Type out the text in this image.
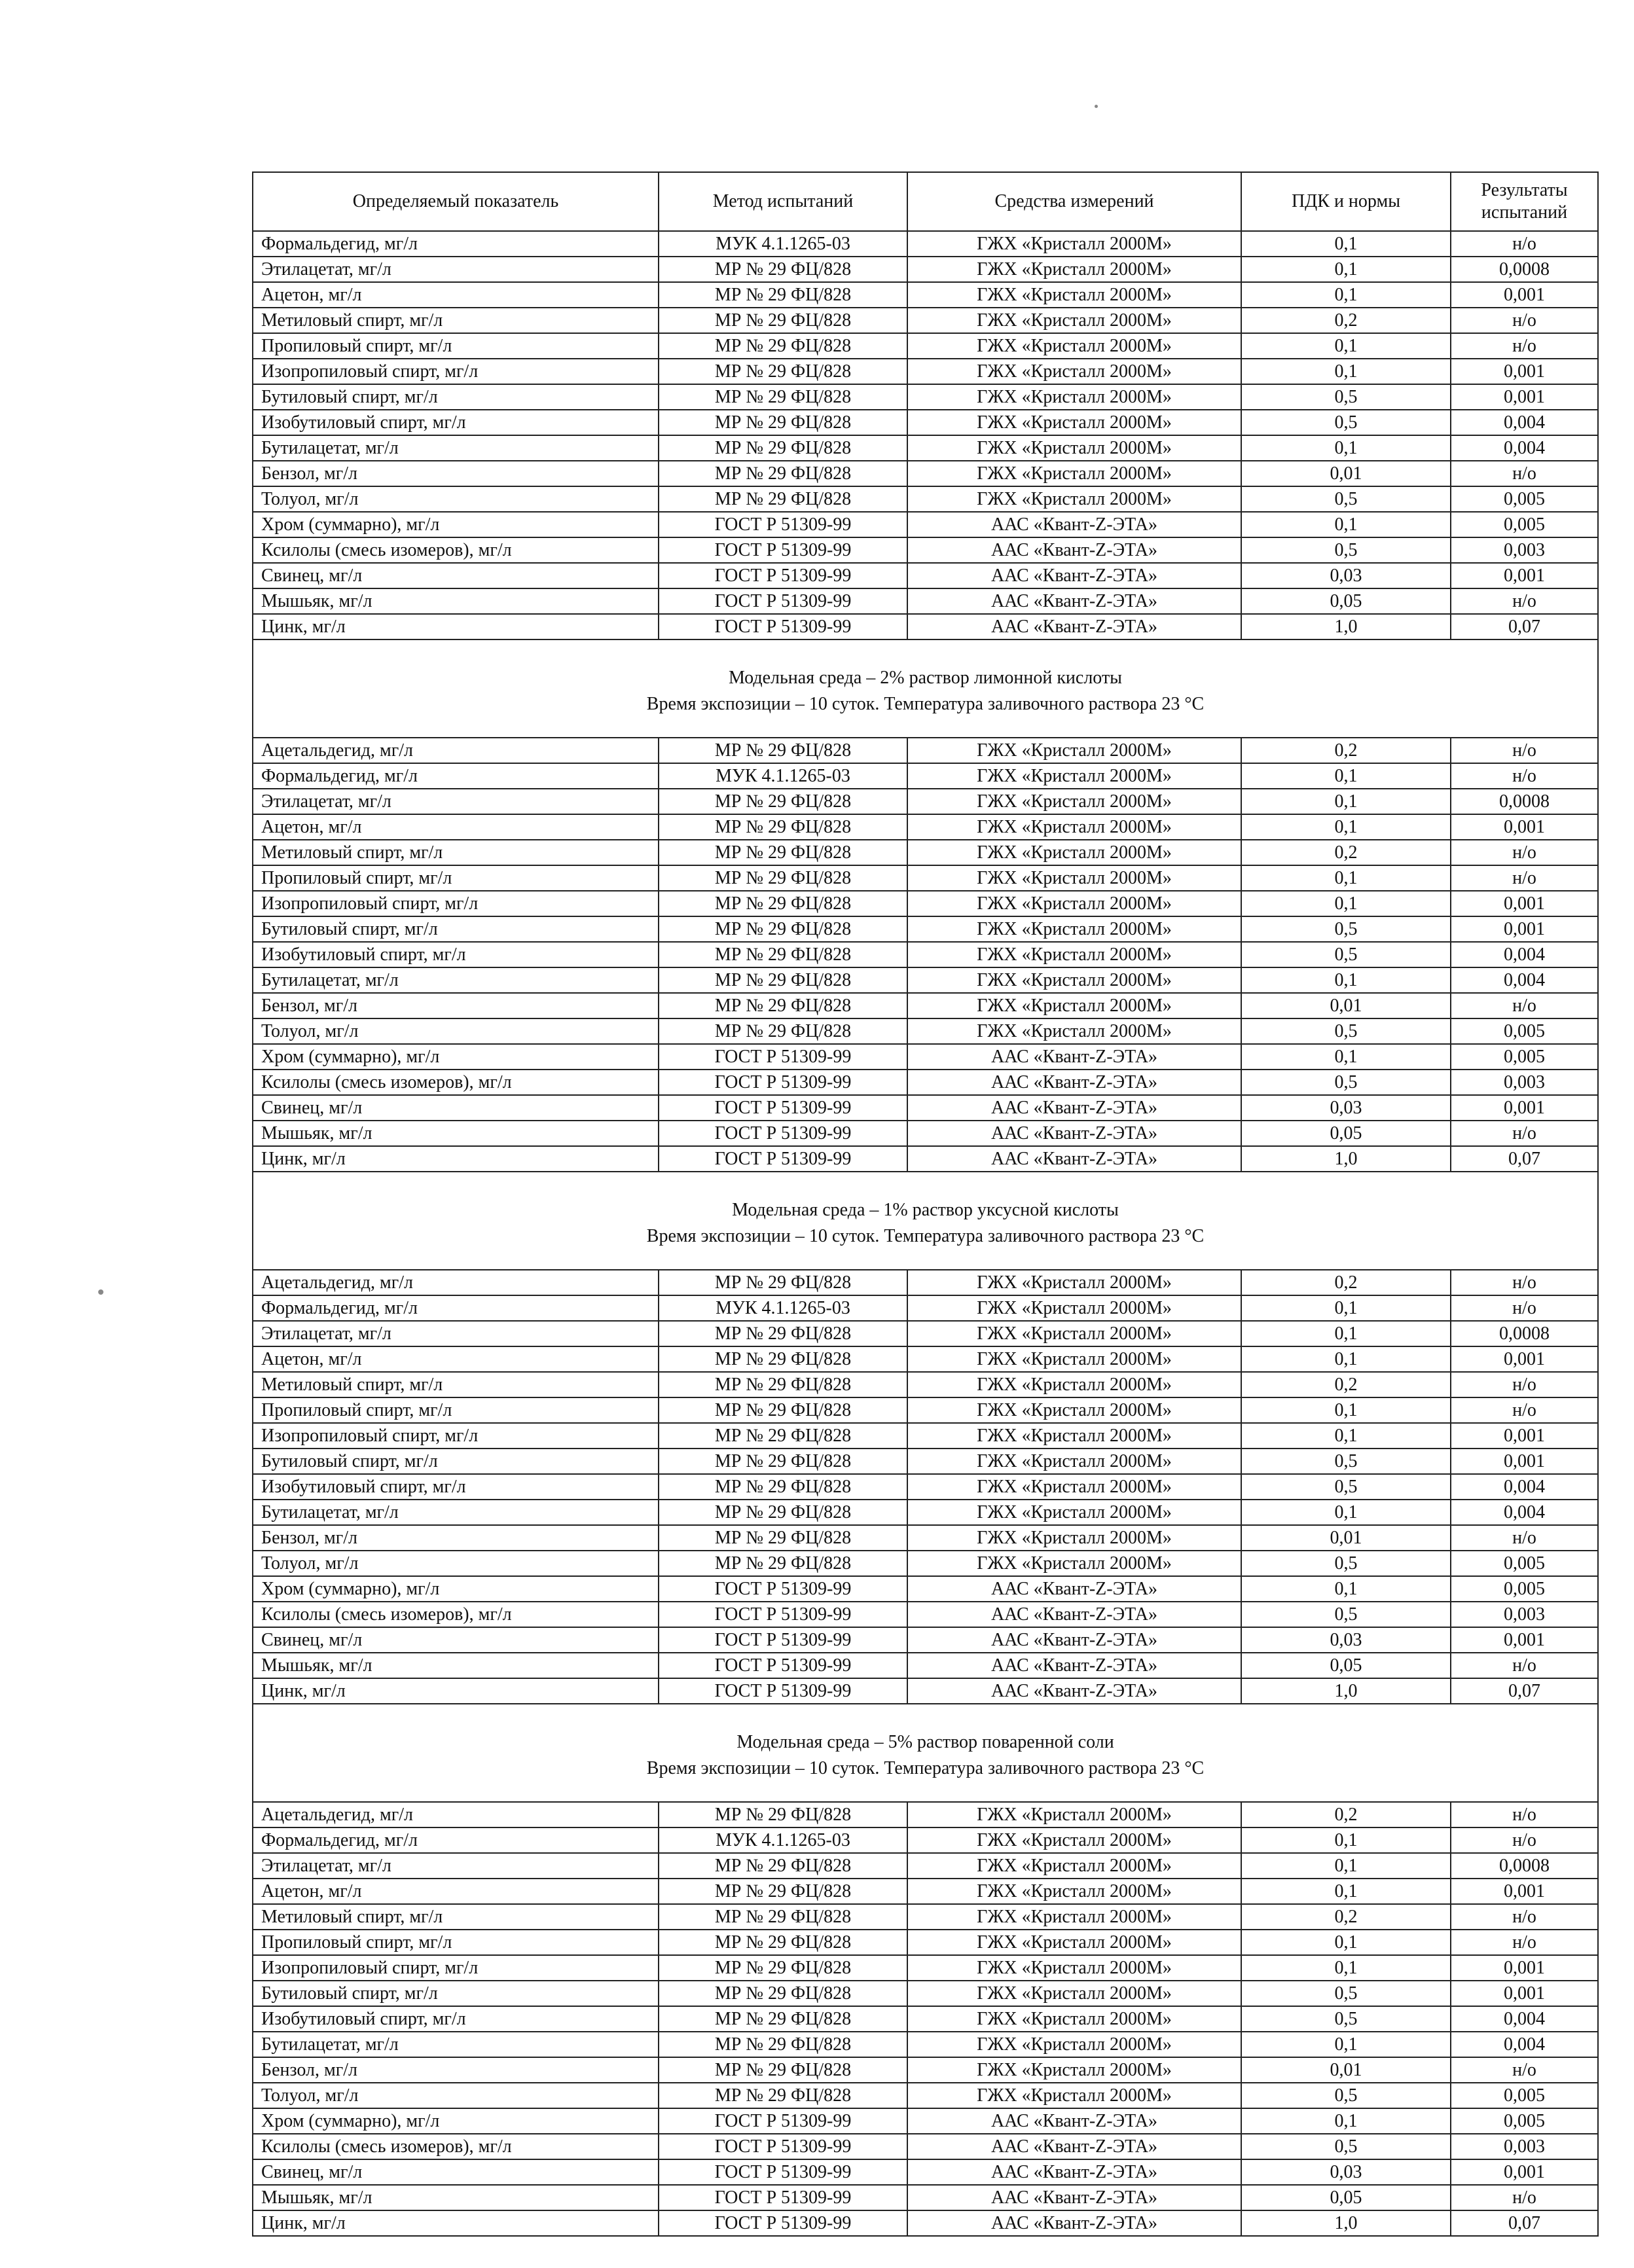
Определяемый показатель	Метод испытаний	Средства измерений	ПДК и нормы	Результаты испытаний
Формальдегид, мг/л	МУК 4.1.1265-03	ГЖХ «Кристалл 2000М»	0,1	н/о
Этилацетат, мг/л	МР № 29 ФЦ/828	ГЖХ «Кристалл 2000М»	0,1	0,0008
Ацетон, мг/л	МР № 29 ФЦ/828	ГЖХ «Кристалл 2000М»	0,1	0,001
Метиловый спирт, мг/л	МР № 29 ФЦ/828	ГЖХ «Кристалл 2000М»	0,2	н/о
Пропиловый спирт, мг/л	МР № 29 ФЦ/828	ГЖХ «Кристалл 2000М»	0,1	н/о
Изопропиловый спирт, мг/л	МР № 29 ФЦ/828	ГЖХ «Кристалл 2000М»	0,1	0,001
Бутиловый спирт, мг/л	МР № 29 ФЦ/828	ГЖХ «Кристалл 2000М»	0,5	0,001
Изобутиловый спирт, мг/л	МР № 29 ФЦ/828	ГЖХ «Кристалл 2000М»	0,5	0,004
Бутилацетат, мг/л	МР № 29 ФЦ/828	ГЖХ «Кристалл 2000М»	0,1	0,004
Бензол, мг/л	МР № 29 ФЦ/828	ГЖХ «Кристалл 2000М»	0,01	н/о
Толуол, мг/л	МР № 29 ФЦ/828	ГЖХ «Кристалл 2000М»	0,5	0,005
Хром (суммарно), мг/л	ГОСТ Р 51309-99	ААС «Квант-Z-ЭТА»	0,1	0,005
Ксилолы (смесь изомеров), мг/л	ГОСТ Р 51309-99	ААС «Квант-Z-ЭТА»	0,5	0,003
Свинец, мг/л	ГОСТ Р 51309-99	ААС «Квант-Z-ЭТА»	0,03	0,001
Мышьяк, мг/л	ГОСТ Р 51309-99	ААС «Квант-Z-ЭТА»	0,05	н/о
Цинк, мг/л	ГОСТ Р 51309-99	ААС «Квант-Z-ЭТА»	1,0	0,07

Модельная среда – 2% раствор лимонной кислоты
Время экспозиции – 10 суток. Температура заливочного раствора 23 °С				

Ацетальдегид, мг/л	МР № 29 ФЦ/828	ГЖХ «Кристалл 2000М»	0,2	н/о
Формальдегид, мг/л	МУК 4.1.1265-03	ГЖХ «Кристалл 2000М»	0,1	н/о
Этилацетат, мг/л	МР № 29 ФЦ/828	ГЖХ «Кристалл 2000М»	0,1	0,0008
Ацетон, мг/л	МР № 29 ФЦ/828	ГЖХ «Кристалл 2000М»	0,1	0,001
Метиловый спирт, мг/л	МР № 29 ФЦ/828	ГЖХ «Кристалл 2000М»	0,2	н/о
Пропиловый спирт, мг/л	МР № 29 ФЦ/828	ГЖХ «Кристалл 2000М»	0,1	н/о
Изопропиловый спирт, мг/л	МР № 29 ФЦ/828	ГЖХ «Кристалл 2000М»	0,1	0,001
Бутиловый спирт, мг/л	МР № 29 ФЦ/828	ГЖХ «Кристалл 2000М»	0,5	0,001
Изобутиловый спирт, мг/л	МР № 29 ФЦ/828	ГЖХ «Кристалл 2000М»	0,5	0,004
Бутилацетат, мг/л	МР № 29 ФЦ/828	ГЖХ «Кристалл 2000М»	0,1	0,004
Бензол, мг/л	МР № 29 ФЦ/828	ГЖХ «Кристалл 2000М»	0,01	н/о
Толуол, мг/л	МР № 29 ФЦ/828	ГЖХ «Кристалл 2000М»	0,5	0,005
Хром (суммарно), мг/л	ГОСТ Р 51309-99	ААС «Квант-Z-ЭТА»	0,1	0,005
Ксилолы (смесь изомеров), мг/л	ГОСТ Р 51309-99	ААС «Квант-Z-ЭТА»	0,5	0,003
Свинец, мг/л	ГОСТ Р 51309-99	ААС «Квант-Z-ЭТА»	0,03	0,001
Мышьяк, мг/л	ГОСТ Р 51309-99	ААС «Квант-Z-ЭТА»	0,05	н/о
Цинк, мг/л	ГОСТ Р 51309-99	ААС «Квант-Z-ЭТА»	1,0	0,07

Модельная среда – 1% раствор уксусной кислоты
Время экспозиции – 10 суток. Температура заливочного раствора 23 °С				

Ацетальдегид, мг/л	МР № 29 ФЦ/828	ГЖХ «Кристалл 2000М»	0,2	н/о
Формальдегид, мг/л	МУК 4.1.1265-03	ГЖХ «Кристалл 2000М»	0,1	н/о
Этилацетат, мг/л	МР № 29 ФЦ/828	ГЖХ «Кристалл 2000М»	0,1	0,0008
Ацетон, мг/л	МР № 29 ФЦ/828	ГЖХ «Кристалл 2000М»	0,1	0,001
Метиловый спирт, мг/л	МР № 29 ФЦ/828	ГЖХ «Кристалл 2000М»	0,2	н/о
Пропиловый спирт, мг/л	МР № 29 ФЦ/828	ГЖХ «Кристалл 2000М»	0,1	н/о
Изопропиловый спирт, мг/л	МР № 29 ФЦ/828	ГЖХ «Кристалл 2000М»	0,1	0,001
Бутиловый спирт, мг/л	МР № 29 ФЦ/828	ГЖХ «Кристалл 2000М»	0,5	0,001
Изобутиловый спирт, мг/л	МР № 29 ФЦ/828	ГЖХ «Кристалл 2000М»	0,5	0,004
Бутилацетат, мг/л	МР № 29 ФЦ/828	ГЖХ «Кристалл 2000М»	0,1	0,004
Бензол, мг/л	МР № 29 ФЦ/828	ГЖХ «Кристалл 2000М»	0,01	н/о
Толуол, мг/л	МР № 29 ФЦ/828	ГЖХ «Кристалл 2000М»	0,5	0,005
Хром (суммарно), мг/л	ГОСТ Р 51309-99	ААС «Квант-Z-ЭТА»	0,1	0,005
Ксилолы (смесь изомеров), мг/л	ГОСТ Р 51309-99	ААС «Квант-Z-ЭТА»	0,5	0,003
Свинец, мг/л	ГОСТ Р 51309-99	ААС «Квант-Z-ЭТА»	0,03	0,001
Мышьяк, мг/л	ГОСТ Р 51309-99	ААС «Квант-Z-ЭТА»	0,05	н/о
Цинк, мг/л	ГОСТ Р 51309-99	ААС «Квант-Z-ЭТА»	1,0	0,07

Модельная среда – 5% раствор поваренной соли
Время экспозиции – 10 суток. Температура заливочного раствора 23 °С				

Ацетальдегид, мг/л	МР № 29 ФЦ/828	ГЖХ «Кристалл 2000М»	0,2	н/о
Формальдегид, мг/л	МУК 4.1.1265-03	ГЖХ «Кристалл 2000М»	0,1	н/о
Этилацетат, мг/л	МР № 29 ФЦ/828	ГЖХ «Кристалл 2000М»	0,1	0,0008
Ацетон, мг/л	МР № 29 ФЦ/828	ГЖХ «Кристалл 2000М»	0,1	0,001
Метиловый спирт, мг/л	МР № 29 ФЦ/828	ГЖХ «Кристалл 2000М»	0,2	н/о
Пропиловый спирт, мг/л	МР № 29 ФЦ/828	ГЖХ «Кристалл 2000М»	0,1	н/о
Изопропиловый спирт, мг/л	МР № 29 ФЦ/828	ГЖХ «Кристалл 2000М»	0,1	0,001
Бутиловый спирт, мг/л	МР № 29 ФЦ/828	ГЖХ «Кристалл 2000М»	0,5	0,001
Изобутиловый спирт, мг/л	МР № 29 ФЦ/828	ГЖХ «Кристалл 2000М»	0,5	0,004
Бутилацетат, мг/л	МР № 29 ФЦ/828	ГЖХ «Кристалл 2000М»	0,1	0,004
Бензол, мг/л	МР № 29 ФЦ/828	ГЖХ «Кристалл 2000М»	0,01	н/о
Толуол, мг/л	МР № 29 ФЦ/828	ГЖХ «Кристалл 2000М»	0,5	0,005
Хром (суммарно), мг/л	ГОСТ Р 51309-99	ААС «Квант-Z-ЭТА»	0,1	0,005
Ксилолы (смесь изомеров), мг/л	ГОСТ Р 51309-99	ААС «Квант-Z-ЭТА»	0,5	0,003
Свинец, мг/л	ГОСТ Р 51309-99	ААС «Квант-Z-ЭТА»	0,03	0,001
Мышьяк, мг/л	ГОСТ Р 51309-99	ААС «Квант-Z-ЭТА»	0,05	н/о
Цинк, мг/л	ГОСТ Р 51309-99	ААС «Квант-Z-ЭТА»	1,0	0,07
